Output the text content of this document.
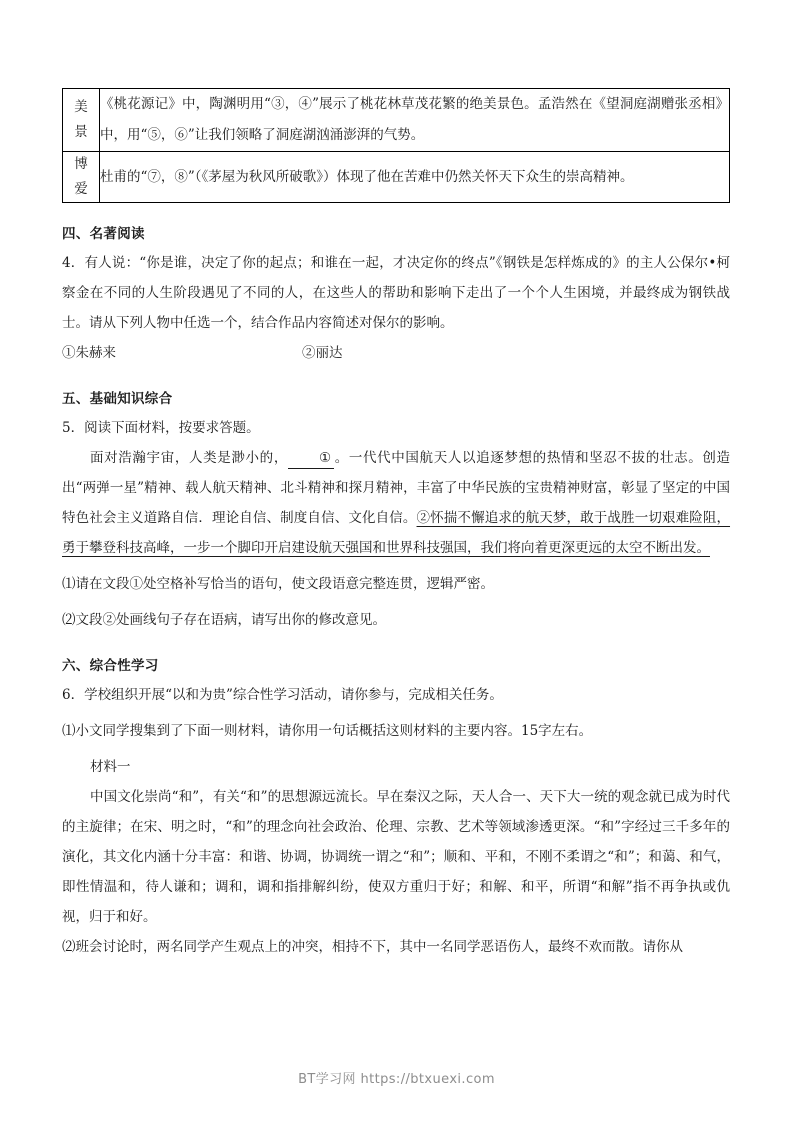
美
景	《桃花源记》中，陶渊明用“③，④”展示了桃花林草茂花繁的绝美景色。孟浩然在《望洞庭湖赠张丞相》中，用“⑤，⑥”让我们领略了洞庭湖汹涌澎湃的气势。

博
爱	杜甫的“⑦，⑧”（《茅屋为秋风所破歌》）体现了他在苦难中仍然关怀天下众生的崇高精神。
四、名著阅读

4．有人说：“你是谁，决定了你的起点；和谁在一起，才决定你的终点”《钢铁是怎样炼成的》的主人公保尔•柯察金在不同的人生阶段遇见了不同的人，在这些人的帮助和影响下走出了一个个人生困境，并最终成为钢铁战士。请从下列人物中任选一个，结合作品内容简述对保尔的影响。

①朱赫来	②丽达
五、基础知识综合

5．阅读下面材料，按要求答题。

面对浩瀚宇宙，人类是渺小的， ① 。一代代中国航天人以追逐梦想的热情和坚忍不拔的壮志。创造出“两弹一星”精神、载人航天精神、北斗精神和探月精神，丰富了中华民族的宝贵精神财富，彰显了坚定的中国特色社会主义道路自信．理论自信、制度自信、文化自信。②怀揣不懈追求的航天梦，敢于战胜一切艰难险阻，勇于攀登科技高峰，一步一个脚印开启建设航天强国和世界科技强国，我们将向着更深更远的太空不断出发。

⑴请在文段①处空格补写恰当的语句，使文段语意完整连贯，逻辑严密。

⑵文段②处画线句子存在语病，请写出你的修改意见。

六、综合性学习

6．学校组织开展“以和为贵”综合性学习活动，请你参与，完成相关任务。

⑴小文同学搜集到了下面一则材料，请你用一句话概括这则材料的主要内容。15字左右。

材料一

中国文化崇尚“和”，有关“和”的思想源远流长。早在秦汉之际，天人合一、天下大一统的观念就已成为时代的主旋律；在宋、明之时，“和”的理念向社会政治、伦理、宗教、艺术等领域渗透更深。“和”字经过三千多年的演化，其文化内涵十分丰富：和谐、协调，协调统一谓之“和”；顺和、平和，不刚不柔谓之“和”；和蔼、和气，即性情温和，待人谦和；调和，调和指排解纠纷，使双方重归于好；和解、和平，所谓“和解”指不再争执或仇视，归于和好。

⑵班会讨论时，两名同学产生观点上的冲突，相持不下，其中一名同学恶语伤人，最终不欢而散。请你从

BT学习网 https://btxuexi.com
